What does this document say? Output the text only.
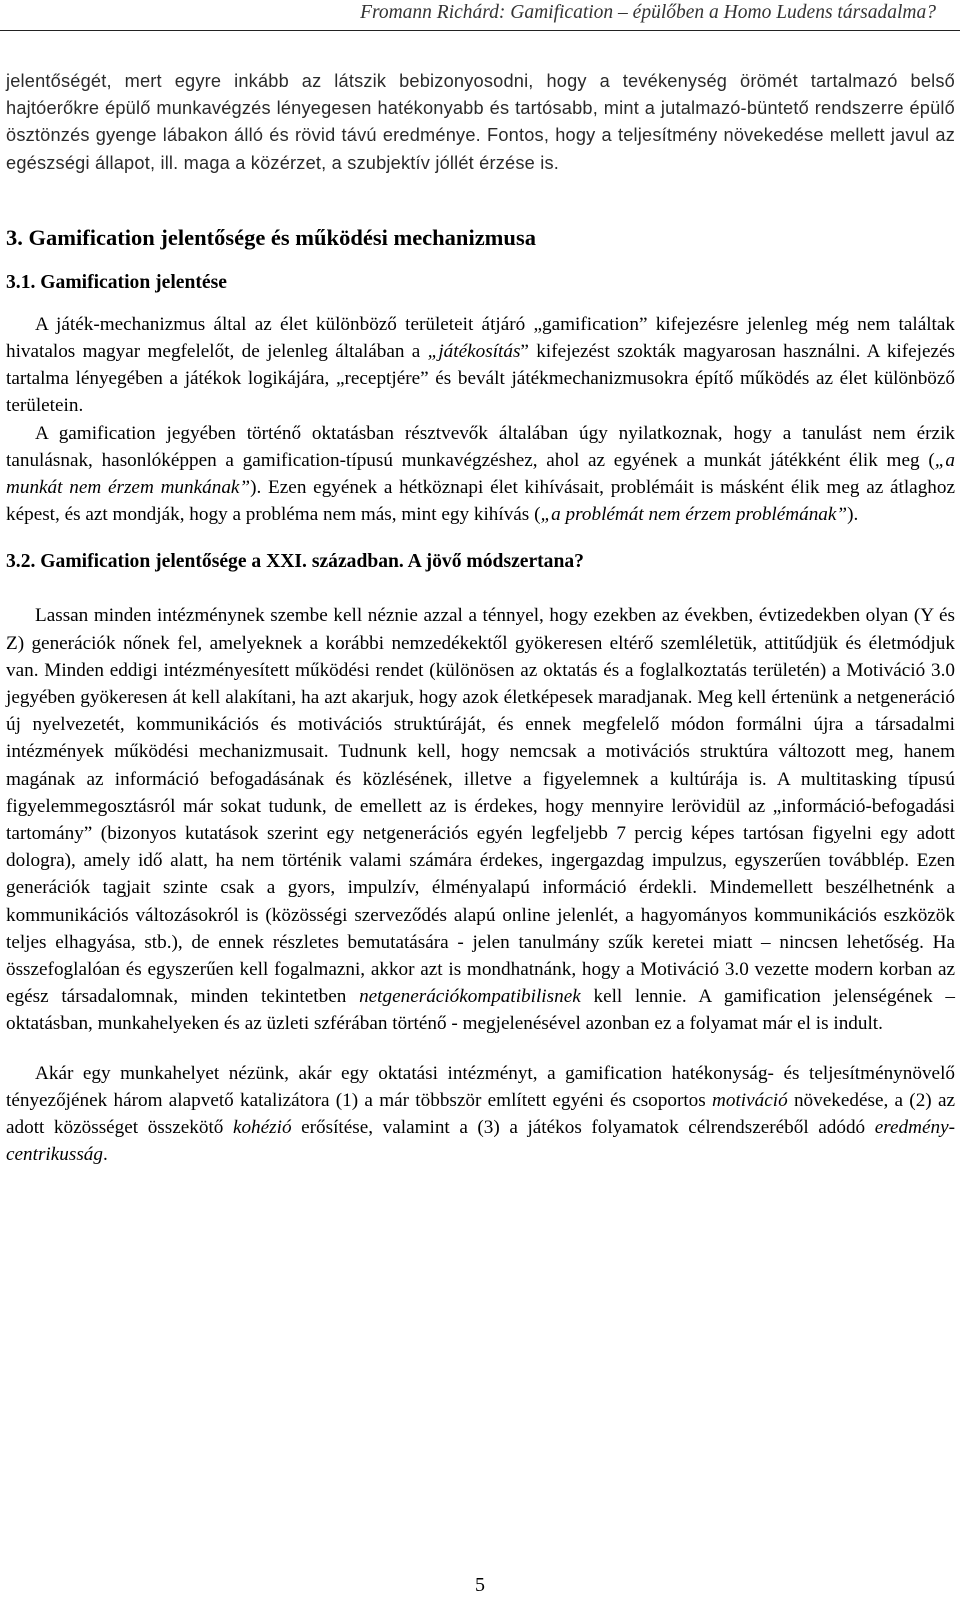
Fromann Richárd: Gamification – épülőben a Homo Ludens társadalma?

jelentőségét, mert egyre inkább az látszik bebizonyosodni, hogy a tevékenység örömét tartalmazó belső hajtóerőkre épülő munkavégzés lényegesen hatékonyabb és tartósabb, mint a jutalmazó-büntető rendszerre épülő ösztönzés gyenge lábakon álló és rövid távú eredménye. Fontos, hogy a teljesítmény növekedése mellett javul az egészségi állapot, ill. maga a közérzet, a szubjektív jóllét érzése is.

3. Gamification jelentősége és működési mechanizmusa
3.1. Gamification jelentése

A játék-mechanizmus által az élet különböző területeit átjáró „gamification” kifejezésre jelenleg még nem találtak hivatalos magyar megfelelőt, de jelenleg általában a „játékosítás” kifejezést szokták magyarosan használni. A kifejezés tartalma lényegében a játékok logikájára, „receptjére” és bevált játékmechanizmusokra építő működés az élet különböző területein.

A gamification jegyében történő oktatásban résztvevők általában úgy nyilatkoznak, hogy a tanulást nem érzik tanulásnak, hasonlóképpen a gamification-típusú munkavégzéshez, ahol az egyének a munkát játékként élik meg („a munkát nem érzem munkának”). Ezen egyének a hétköznapi élet kihívásait, problémáit is másként élik meg az átlaghoz képest, és azt mondják, hogy a probléma nem más, mint egy kihívás („a problémát nem érzem problémának”).

3.2. Gamification jelentősége a XXI. században. A jövő módszertana?

Lassan minden intézménynek szembe kell néznie azzal a ténnyel, hogy ezekben az években, évtizedekben olyan (Y és Z) generációk nőnek fel, amelyeknek a korábbi nemzedékektől gyökeresen eltérő szemléletük, attitűdjük és életmódjuk van. Minden eddigi intézményesített működési rendet (különösen az oktatás és a foglalkoztatás területén) a Motiváció 3.0 jegyében gyökeresen át kell alakítani, ha azt akarjuk, hogy azok életképesek maradjanak. Meg kell értenünk a netgeneráció új nyelvezetét, kommunikációs és motivációs struktúráját, és ennek megfelelő módon formálni újra a társadalmi intézmények működési mechanizmusait. Tudnunk kell, hogy nemcsak a motivációs struktúra változott meg, hanem magának az információ befogadásának és közlésének, illetve a figyelemnek a kultúrája is. A multitasking típusú figyelemmegosztásról már sokat tudunk, de emellett az is érdekes, hogy mennyire lerövidül az „információ-befogadási tartomány” (bizonyos kutatások szerint egy netgenerációs egyén legfeljebb 7 percig képes tartósan figyelni egy adott dologra), amely idő alatt, ha nem történik valami számára érdekes, ingergazdag impulzus, egyszerűen továbblép. Ezen generációk tagjait szinte csak a gyors, impulzív, élményalapú információ érdekli. Mindemellett beszélhetnénk a kommunikációs változásokról is (közösségi szerveződés alapú online jelenlét, a hagyományos kommunikációs eszközök teljes elhagyása, stb.), de ennek részletes bemutatására - jelen tanulmány szűk keretei miatt – nincsen lehetőség. Ha összefoglalóan és egyszerűen kell fogalmazni, akkor azt is mondhatnánk, hogy a Motiváció 3.0 vezette modern korban az egész társadalomnak, minden tekintetben netgenerációkompatibilisnek kell lennie. A gamification jelenségének – oktatásban, munkahelyeken és az üzleti szférában történő - megjelenésével azonban ez a folyamat már el is indult.

Akár egy munkahelyet nézünk, akár egy oktatási intézményt, a gamification hatékonyság- és teljesítménynövelő tényezőjének három alapvető katalizátora (1) a már többször említett egyéni és csoportos motiváció növekedése, a (2) az adott közösséget összekötő kohézió erősítése, valamint a (3) a játékos folyamatok célrendszeréből adódó eredmény-centrikusság.

5
